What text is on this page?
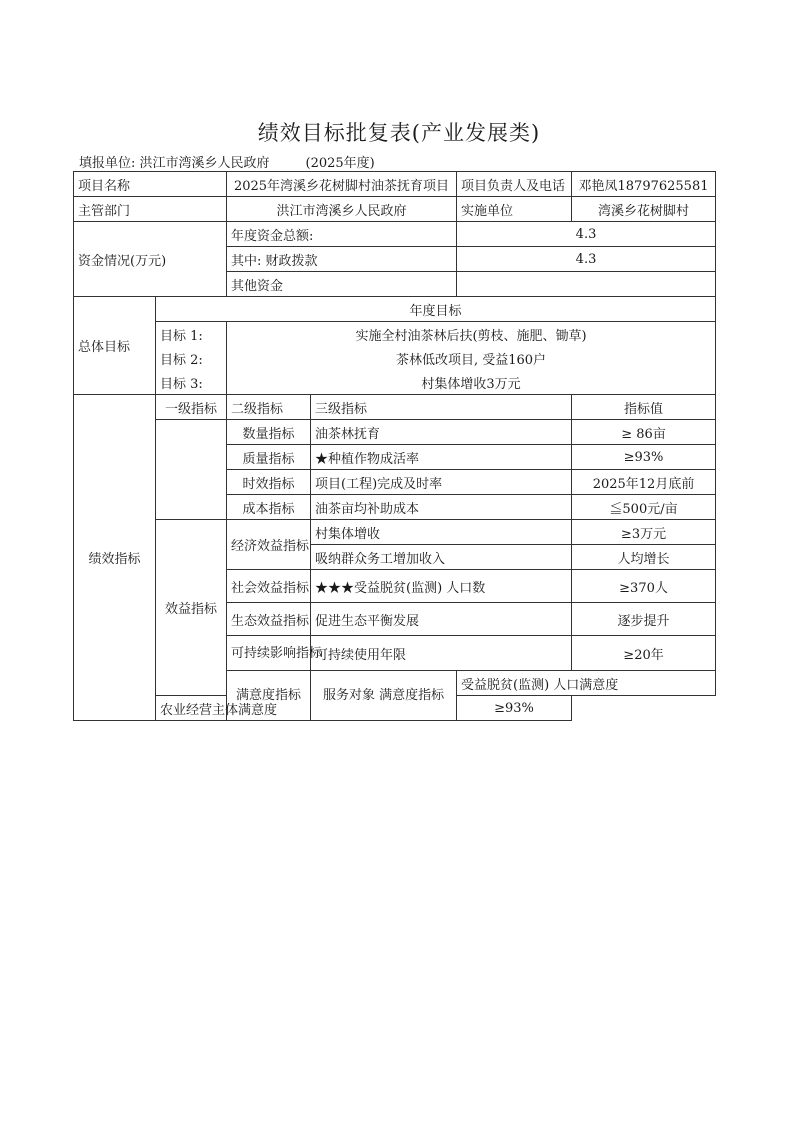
绩效目标批复表(产业发展类)
填报单位: 洪江市湾溪乡人民政府	(2025年度)
项目名称		2025年湾溪乡花树脚村油茶抚育项目		项目负责人及电话	邓艳凤18797625581	
主管部门		洪江市湾溪乡人民政府		实施单位	湾溪乡花树脚村	
资金情况(万元)		年度资金总额:		4.3		
		其中: 财政拨款		4.3		
		其他资金				
总体目标	年度目标					
	目标 1:	实施全村油茶林后扶(剪枝、施肥、锄草)				
	目标 2:	茶林低改项目, 受益160户				
	目标 3:	村集体增收3万元				
绩效指标	一级指标	二级指标	三级指标		指标值	
		数量指标	油茶林抚育		≥ 86亩	
		质量指标	★种植作物成活率		≥93%	
		时效指标	项目(工程)完成及时率		2025年12月底前	
		成本指标	油茶亩均补助成本		≦500元/亩	
	效益指标	经济效益指标	村集体增收		≥3万元	
			吸纳群众务工增加收入		人均增长	
		社会效益指标	★★★受益脱贫(监测) 人口数		≥370人	
		生态效益指标	促进生态平衡发展		逐步提升	
		可持续影响指标	可持续使用年限		≥20年	
		满意度指标	服务对象 满意度指标	受益脱贫(监测) 人口满意度	
	农业经营主体满意度			≥93%		
